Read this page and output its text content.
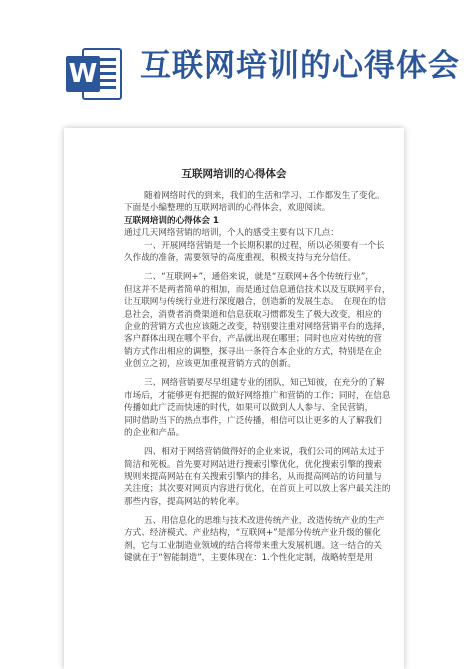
W 互联网培训的心得体会
互联网培训的心得体会

随着网络时代的到来，我们的生活和学习、工作都发生了变化。

下面是小编整理的互联网培训的心得体会，欢迎阅读。

互联网培训的心得体会 1

通过几天网络营销的培训，个人的感受主要有以下几点：

一、开展网络营销是一个长期积累的过程，所以必须要有一个长

久作战的准备，需要领导的高度重视，积极支持与充分信任。

二、“互联网+”，通俗来说，就是“互联网+各个传统行业”，

但这并不是两者简单的相加，而是通过信息通信技术以及互联网平台，

让互联网与传统行业进行深度融合，创造新的发展生态。　在现在的信

息社会，消费者消费渠道和信息获取习惯都发生了极大改变，相应的

企业的营销方式也应该随之改变，特别要注重对网络营销平台的选择，

客户群体出现在哪个平台，产品就出现在哪里；同时也应对传统的营

销方式作出相应的调整，探寻出一条符合本企业的方式，特别是在企

业创立之初，应该更加重视营销方式的创新。

三、网络营销要尽早组建专业的团队，知己知彼，在充分的了解

市场后，才能够更有把握的做好网络推广和营销的工作；同时，在信息

传播如此广泛而快速的时代，如果可以做到人人参与、全民营销，

同时借助当下的热点事件，广泛传播，相信可以让更多的人了解我们

的企业和产品。

四、相对于网络营销做得好的企业来说，我们公司的网站太过于

简洁和死板。首先要对网站进行搜索引擎优化，优化搜索引擎的搜索

规则来提高网站在有关搜索引擎内的排名，从而提高网站的访问量与

关注度；其次要对网页内容进行优化，在首页上可以放上客户最关注的

那些内容，提高网站的转化率。

五、用信息化的思维与技术改进传统产业，改造传统产业的生产

方式、经济模式、产业结构，“互联网+”是部分传统产业升级的催化

剂，它与工业制造业领域的结合将带来重大发展机遇。这一结合的关

键就在于“智能制造”，主要体现在：1.个性化定制，战略转型是用
